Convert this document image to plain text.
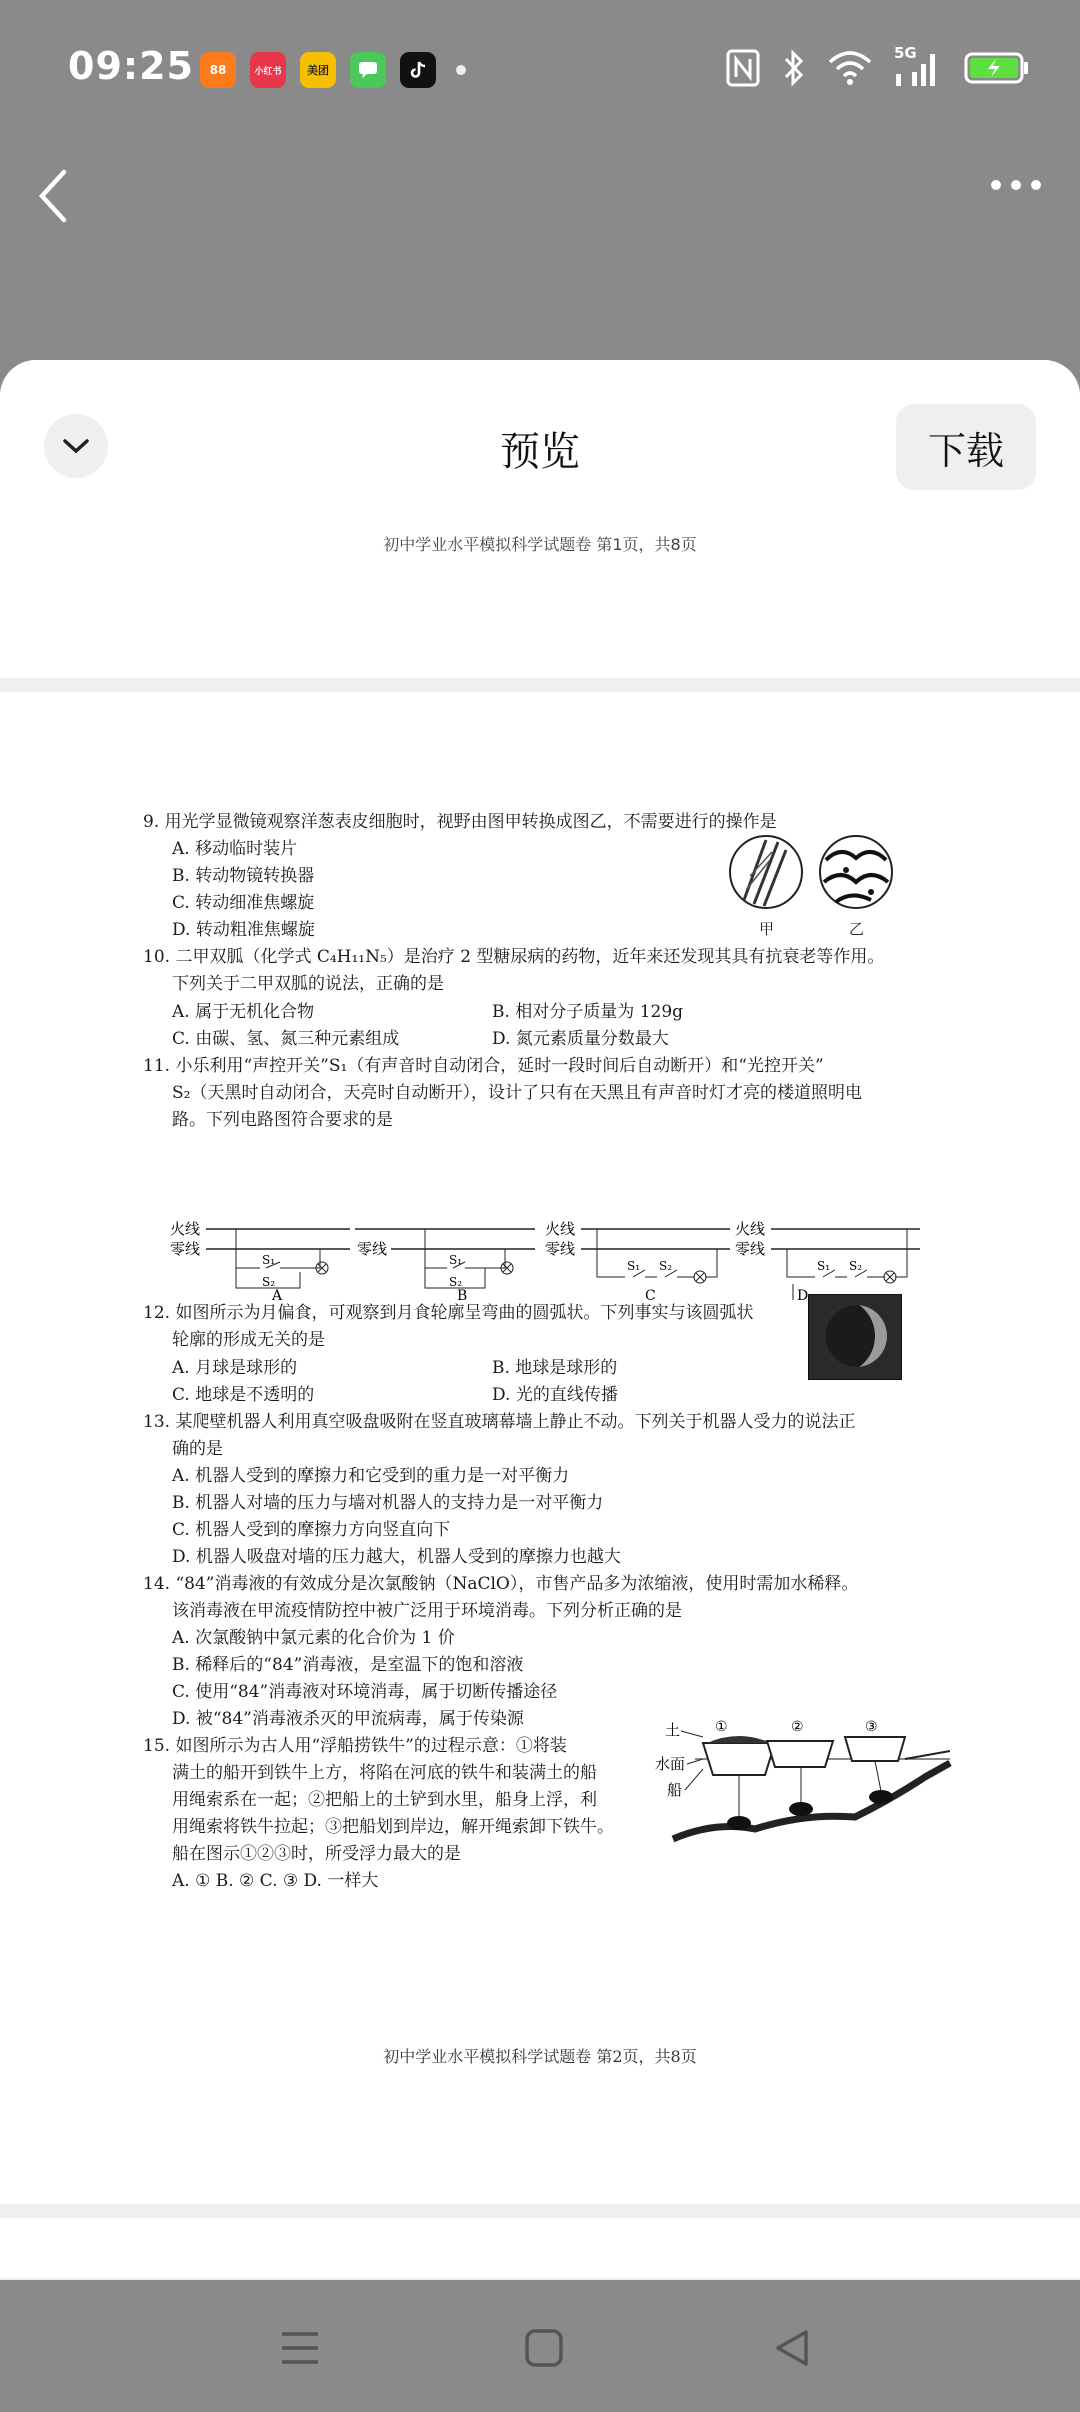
09:25	88	小红书	美团
5G
预览	下载
初中学业水平模拟科学试题卷 第1页，共8页
9. 用光学显微镜观察洋葱表皮细胞时，视野由图甲转换成图乙，不需要进行的操作是
A. 移动临时装片
B. 转动物镜转换器
C. 转动细准焦螺旋
D. 转动粗准焦螺旋
10. 二甲双胍（化学式 C₄H₁₁N₅）是治疗 2 型糖尿病的药物，近年来还发现其具有抗衰老等作用。
下列关于二甲双胍的说法，正确的是
A. 属于无机化合物	B. 相对分子质量为 129g
C. 由碳、氢、氮三种元素组成	D. 氮元素质量分数最大
11. 小乐利用“声控开关”S₁（有声音时自动闭合，延时一段时间后自动断开）和“光控开关”
S₂（天黑时自动闭合，天亮时自动断开），设计了只有在天黑且有声音时灯才亮的楼道照明电
路。下列电路图符合要求的是
12. 如图所示为月偏食，可观察到月食轮廓呈弯曲的圆弧状。下列事实与该圆弧状
轮廓的形成无关的是
A. 月球是球形的	B. 地球是球形的
C. 地球是不透明的	D. 光的直线传播
13. 某爬壁机器人利用真空吸盘吸附在竖直玻璃幕墙上静止不动。下列关于机器人受力的说法正
确的是
A. 机器人受到的摩擦力和它受到的重力是一对平衡力
B. 机器人对墙的压力与墙对机器人的支持力是一对平衡力
C. 机器人受到的摩擦力方向竖直向下
D. 机器人吸盘对墙的压力越大，机器人受到的摩擦力也越大
14. “84”消毒液的有效成分是次氯酸钠（NaClO），市售产品多为浓缩液，使用时需加水稀释。
该消毒液在甲流疫情防控中被广泛用于环境消毒。下列分析正确的是
A. 次氯酸钠中氯元素的化合价为 1 价
B. 稀释后的“84”消毒液，是室温下的饱和溶液
C. 使用“84”消毒液对环境消毒，属于切断传播途径
D. 被“84”消毒液杀灭的甲流病毒，属于传染源
15. 如图所示为古人用“浮船捞铁牛”的过程示意：①将装
满土的船开到铁牛上方，将陷在河底的铁牛和装满土的船
用绳索系在一起；②把船上的土铲到水里，船身上浮，利
用绳索将铁牛拉起；③把船划到岸边，解开绳索卸下铁牛。
船在图示①②③时，所受浮力最大的是
A. ① B. ② C. ③ D. 一样大
甲	乙
火线
零线
S₁
S₂
A
零线
S₁
S₂
B
火线
零线
S₁ S₂
C
火线
零线
S₁ S₂
D
土
水面
船
①	②	③
初中学业水平模拟科学试题卷 第2页，共8页
